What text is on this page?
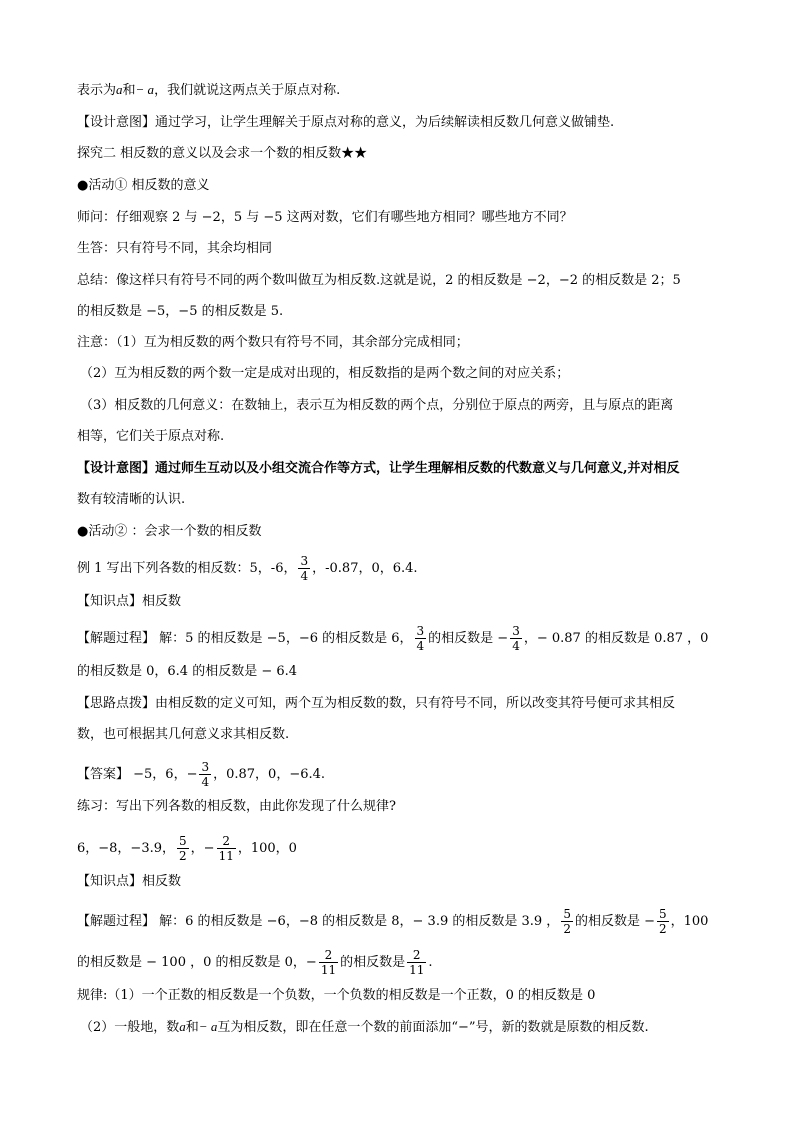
表示为a和− a，我们就说这两点关于原点对称.
【设计意图】通过学习，让学生理解关于原点对称的意义，为后续解读相反数几何意义做铺垫.
探究二 相反数的意义以及会求一个数的相反数★★
●活动① 相反数的意义
师问：仔细观察 2 与 −2，5 与 −5 这两对数，它们有哪些地方相同？哪些地方不同？
生答：只有符号不同，其余均相同
总结：像这样只有符号不同的两个数叫做互为相反数.这就是说，2 的相反数是 −2，−2 的相反数是 2；5
的相反数是 −5，−5 的相反数是 5.
注意：（1）互为相反数的两个数只有符号不同，其余部分完成相同；
（2）互为相反数的两个数一定是成对出现的，相反数指的是两个数之间的对应关系；
（3）相反数的几何意义：在数轴上，表示互为相反数的两个点，分别位于原点的两旁，且与原点的距离
相等，它们关于原点对称.
【设计意图】通过师生互动以及小组交流合作等方式，让学生理解相反数的代数意义与几何意义,并对相反
数有较清晰的认识.
●活动② ：会求一个数的相反数
例 1 写出下列各数的相反数：5，-6， $\frac{3}{4}$ ，-0.87，0，6.4.
【知识点】相反数
【解题过程】 解：5 的相反数是 −5，−6 的相反数是 6， $\frac{3}{4}$ 的相反数是 − $\frac{3}{4}$ ，− 0.87 的相反数是 0.87 ，0
的相反数是 0，6.4 的相反数是 − 6.4
【思路点拨】由相反数的定义可知，两个互为相反数的数，只有符号不同，所以改变其符号便可求其相反
数，也可根据其几何意义求其相反数.
【答案】 −5，6，− $\frac{3}{4}$ ，0.87，0，−6.4.
练习：写出下列各数的相反数，由此你发现了什么规律?
6，−8，−3.9， $\frac{5}{2}$ ，− $\frac{2}{11}$ ，100，0
【知识点】相反数
【解题过程】 解：6 的相反数是 −6，−8 的相反数是 8，− 3.9 的相反数是 3.9 ， $\frac{5}{2}$ 的相反数是 − $\frac{5}{2}$ ，100
的相反数是 − 100 ，0 的相反数是 0，− $\frac{2}{11}$ 的相反数是 $\frac{2}{11}$ .
规律:（1）一个正数的相反数是一个负数，一个负数的相反数是一个正数，0 的相反数是 0
（2）一般地，数a和− a互为相反数，即在任意一个数的前面添加“−”号，新的数就是原数的相反数.
